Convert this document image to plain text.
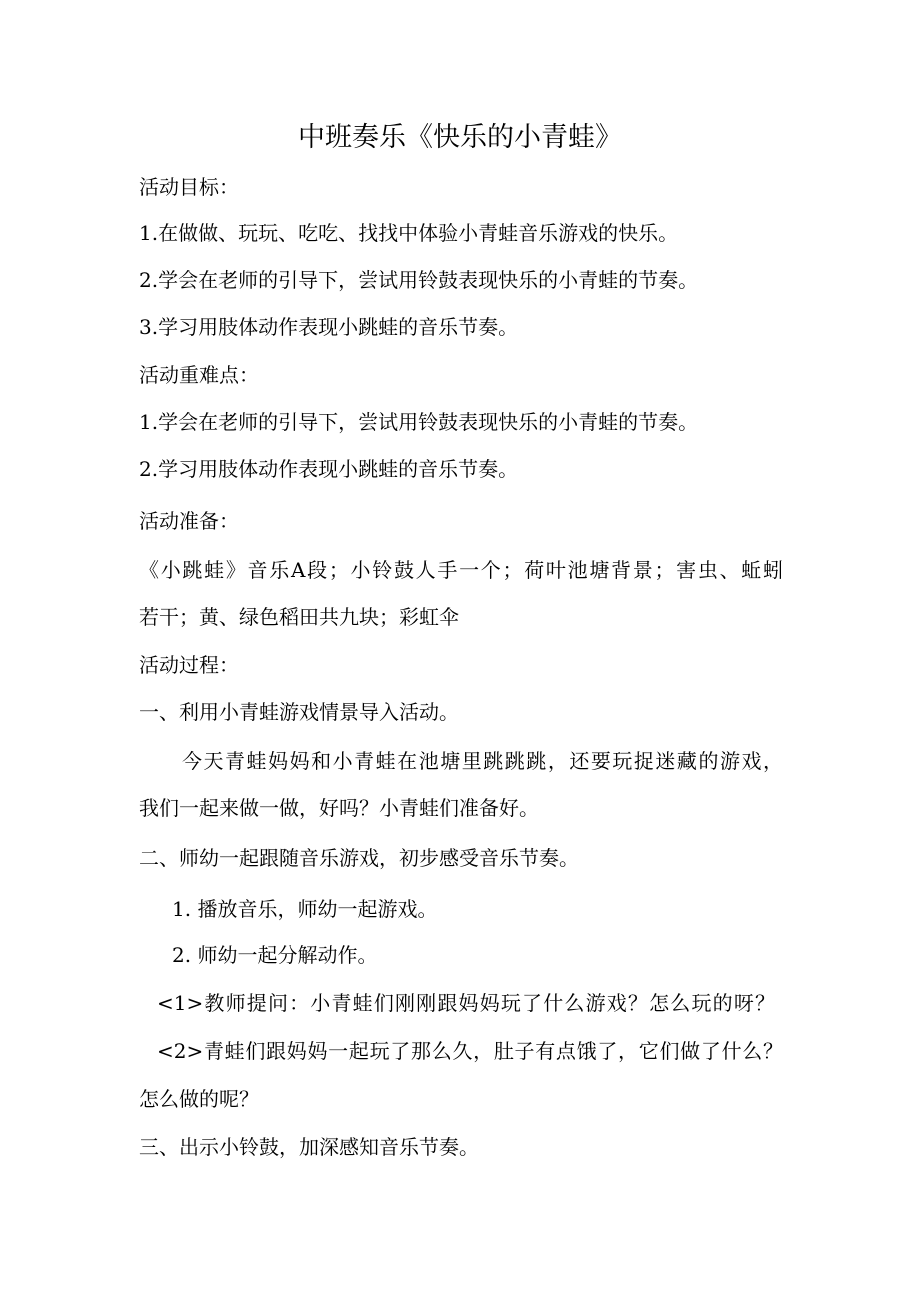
中班奏乐《快乐的小青蛙》
活动目标：
1.在做做、玩玩、吃吃、找找中体验小青蛙音乐游戏的快乐。
2.学会在老师的引导下，尝试用铃鼓表现快乐的小青蛙的节奏。
3.学习用肢体动作表现小跳蛙的音乐节奏。
活动重难点：
1.学会在老师的引导下，尝试用铃鼓表现快乐的小青蛙的节奏。
2.学习用肢体动作表现小跳蛙的音乐节奏。
活动准备：
《小跳蛙》音乐A段；小铃鼓人手一个；荷叶池塘背景；害虫、蚯蚓
若干；黄、绿色稻田共九块；彩虹伞
活动过程：
一、利用小青蛙游戏情景导入活动。
今天青蛙妈妈和小青蛙在池塘里跳跳跳，还要玩捉迷藏的游戏，
我们一起来做一做，好吗？小青蛙们准备好。
二、师幼一起跟随音乐游戏，初步感受音乐节奏。
1. 播放音乐，师幼一起游戏。
2. 师幼一起分解动作。
<1>教师提问：小青蛙们刚刚跟妈妈玩了什么游戏？怎么玩的呀？
<2>青蛙们跟妈妈一起玩了那么久，肚子有点饿了，它们做了什么？
怎么做的呢？
三、出示小铃鼓，加深感知音乐节奏。
